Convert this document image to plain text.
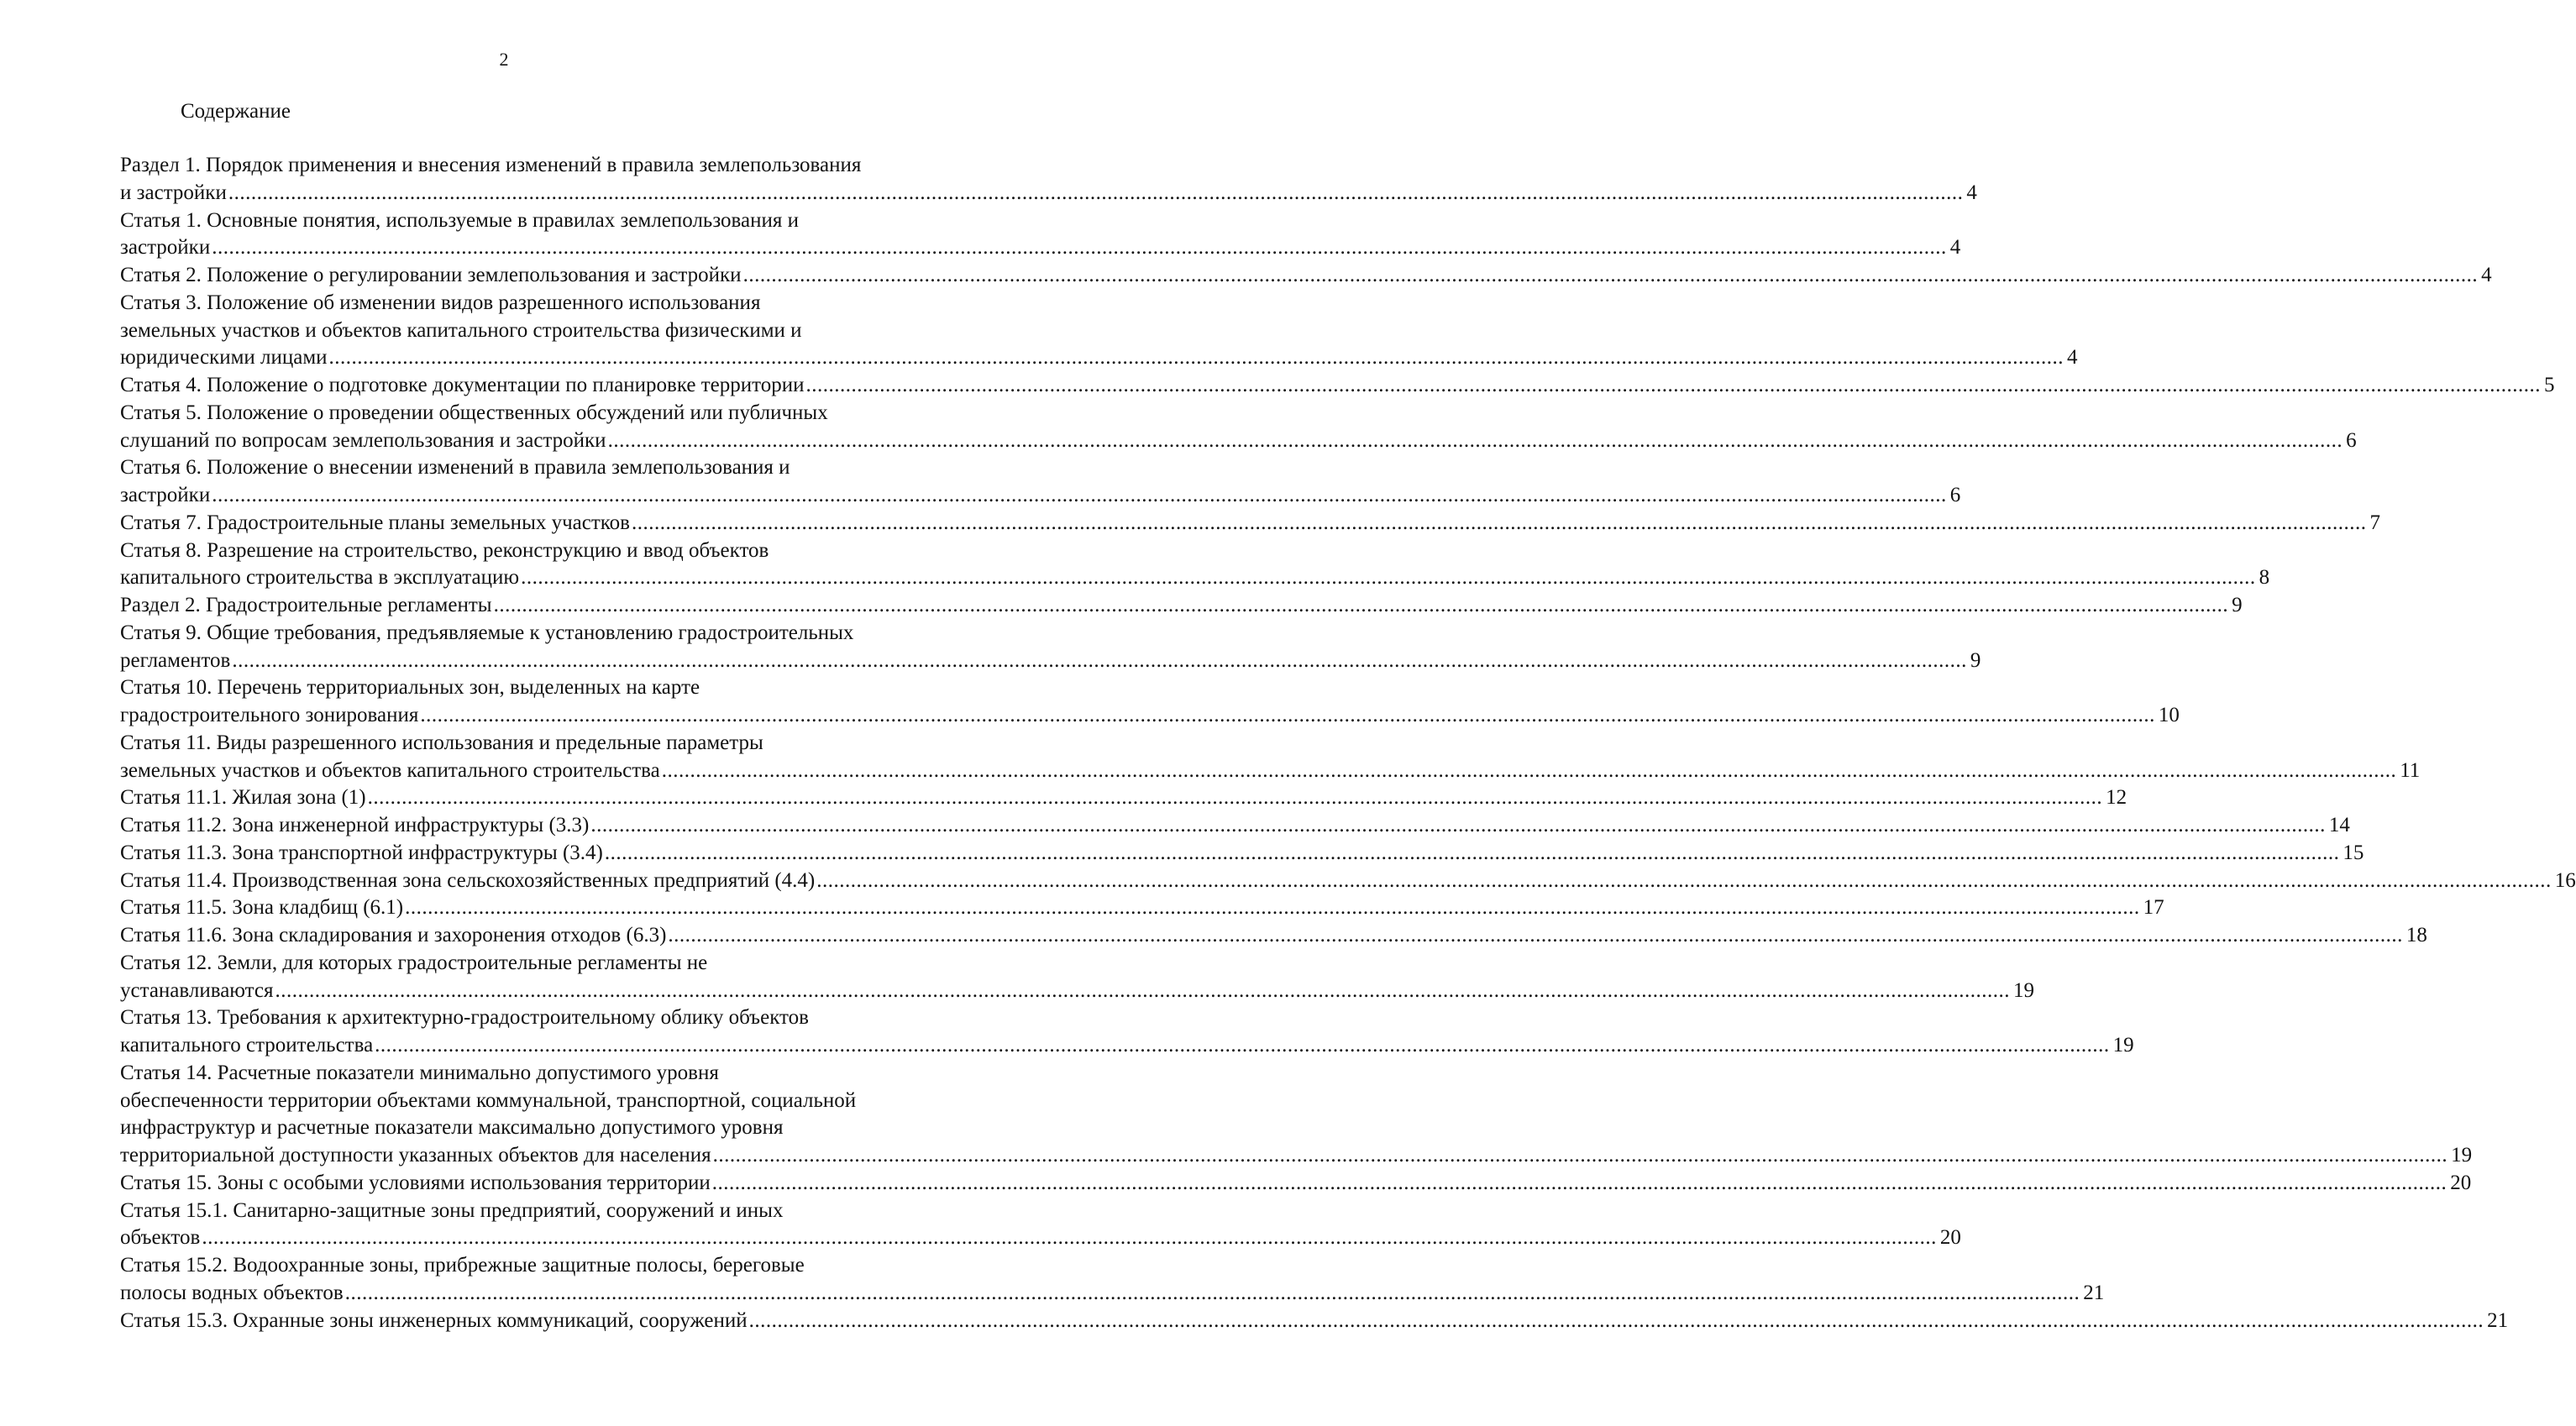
2
Содержание
Раздел 1. Порядок применения и внесения изменений в правила землепользования
и застройки .................................................................................................................................................................................................................................................................................................................. 4
Статья 1. Основные понятия, используемые в правилах землепользования и
застройки .................................................................................................................................................................................................................................................................................................................. 4
Статья 2. Положение о регулировании землепользования и застройки .................................................................................................................................................................................................................................................................................................................. 4
Статья 3. Положение об изменении видов разрешенного использования
земельных участков и объектов капитального строительства физическими и
юридическими лицами .................................................................................................................................................................................................................................................................................................................. 4
Статья 4. Положение о подготовке документации по планировке территории .................................................................................................................................................................................................................................................................................................................. 5
Статья 5. Положение о проведении общественных обсуждений или публичных
слушаний по вопросам землепользования и застройки .................................................................................................................................................................................................................................................................................................................. 6
Статья 6. Положение о внесении изменений в правила землепользования и
застройки .................................................................................................................................................................................................................................................................................................................. 6
Статья 7. Градостроительные планы земельных участков .................................................................................................................................................................................................................................................................................................................. 7
Статья 8. Разрешение на строительство, реконструкцию и ввод объектов
капитального строительства в эксплуатацию .................................................................................................................................................................................................................................................................................................................. 8
Раздел 2. Градостроительные регламенты .................................................................................................................................................................................................................................................................................................................. 9
Статья 9. Общие требования, предъявляемые к установлению градостроительных
регламентов .................................................................................................................................................................................................................................................................................................................. 9
Статья 10. Перечень территориальных зон, выделенных на карте
градостроительного зонирования .................................................................................................................................................................................................................................................................................................................. 10
Статья 11. Виды разрешенного использования и предельные параметры
земельных участков и объектов капитального строительства .................................................................................................................................................................................................................................................................................................................. 11
Статья 11.1. Жилая зона (1) .................................................................................................................................................................................................................................................................................................................. 12
Статья 11.2. Зона инженерной инфраструктуры (3.3) .................................................................................................................................................................................................................................................................................................................. 14
Статья 11.3. Зона транспортной инфраструктуры (3.4) .................................................................................................................................................................................................................................................................................................................. 15
Статья 11.4. Производственная зона сельскохозяйственных предприятий (4.4) .................................................................................................................................................................................................................................................................................................................. 16
Статья 11.5. Зона кладбищ (6.1) .................................................................................................................................................................................................................................................................................................................. 17
Статья 11.6. Зона складирования и захоронения отходов (6.3) .................................................................................................................................................................................................................................................................................................................. 18
Статья 12. Земли, для которых градостроительные регламенты не
устанавливаются .................................................................................................................................................................................................................................................................................................................. 19
Статья 13. Требования к архитектурно-градостроительному облику объектов
капитального строительства .................................................................................................................................................................................................................................................................................................................. 19
Статья 14. Расчетные показатели минимально допустимого уровня
обеспеченности территории объектами коммунальной, транспортной, социальной
инфраструктур и расчетные показатели максимально допустимого уровня
территориальной доступности указанных объектов для населения .................................................................................................................................................................................................................................................................................................................. 19
Статья 15. Зоны с особыми условиями использования территории .................................................................................................................................................................................................................................................................................................................. 20
Статья 15.1. Санитарно-защитные зоны предприятий, сооружений и иных
объектов .................................................................................................................................................................................................................................................................................................................. 20
Статья 15.2. Водоохранные зоны, прибрежные защитные полосы, береговые
полосы водных объектов .................................................................................................................................................................................................................................................................................................................. 21
Статья 15.3. Охранные зоны инженерных коммуникаций, сооружений .................................................................................................................................................................................................................................................................................................................. 21
